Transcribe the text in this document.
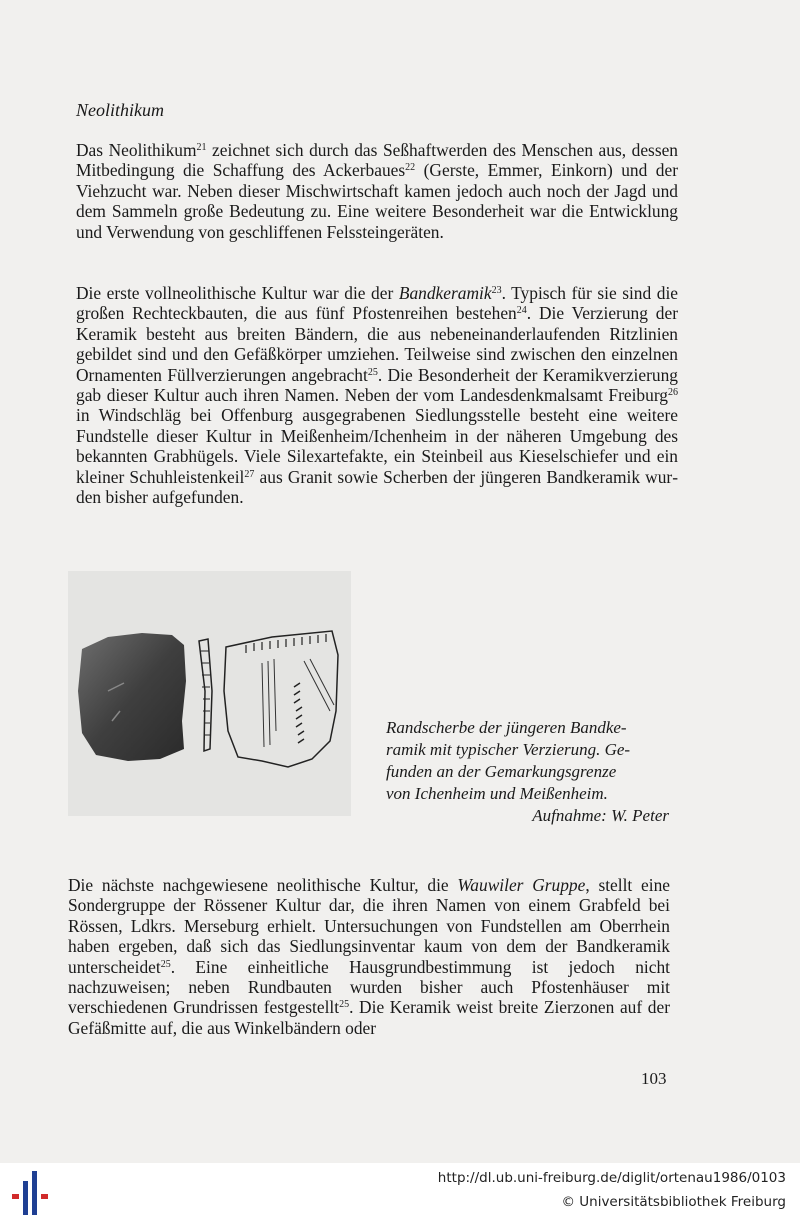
Neolithikum

Das Neolithikum$^{21}$ zeichnet sich durch das Seßhaftwerden des Menschen aus, dessen Mitbedingung die Schaffung des Ackerbaues$^{22}$ (Gerste, Emmer, Einkorn) und der Viehzucht war. Neben dieser Mischwirtschaft kamen jedoch auch noch der Jagd und dem Sammeln große Bedeutung zu. Eine weitere Besonderheit war die Entwicklung und Verwendung von geschliffenen Felssteingeräten.

Die erste vollneolithische Kultur war die der Bandkeramik$^{23}$. Typisch für sie sind die großen Rechteckbauten, die aus fünf Pfostenreihen bestehen$^{24}$. Die Verzierung der Keramik besteht aus breiten Bändern, die aus nebeneinanderlaufenden Ritzlinien gebildet sind und den Gefäßkörper umziehen. Teilweise sind zwischen den einzelnen Ornamenten Füllverzierungen angebracht$^{25}$. Die Besonderheit der Keramikverzierung gab dieser Kultur auch ihren Namen. Neben der vom Landesdenkmalsamt Freiburg$^{26}$ in Windschläg bei Offenburg ausgegrabenen Siedlungsstelle besteht eine weitere Fundstelle dieser Kultur in Meißenheim/Ichenheim in der näheren Umgebung des bekannten Grabhügels. Viele Silexartefakte, ein Steinbeil aus Kieselschiefer und ein kleiner Schuhleistenkeil$^{27}$ aus Granit sowie Scherben der jüngeren Bandkeramik wurden bisher aufgefunden.

Randscherbe der jüngeren Bandke-
ramik mit typischer Verzierung. Ge-
funden an der Gemarkungsgrenze
von Ichenheim und Meißenheim.
Aufnahme: W. Peter

Die nächste nachgewiesene neolithische Kultur, die Wauwiler Gruppe, stellt eine Sondergruppe der Rössener Kultur dar, die ihren Namen von einem Grabfeld bei Rössen, Ldkrs. Merseburg erhielt. Untersuchungen von Fundstellen am Oberrhein haben ergeben, daß sich das Siedlungsinventar kaum von dem der Bandkeramik unterscheidet$^{25}$. Eine einheitliche Hausgrundbestimmung ist jedoch nicht nachzuweisen; neben Rundbauten wurden bisher auch Pfostenhäuser mit verschiedenen Grundrissen festgestellt$^{25}$. Die Keramik weist breite Zierzonen auf der Gefäßmitte auf, die aus Winkelbändern oder

103
http://dl.ub.uni-freiburg.de/diglit/ortenau1986/0103
© Universitätsbibliothek Freiburg
